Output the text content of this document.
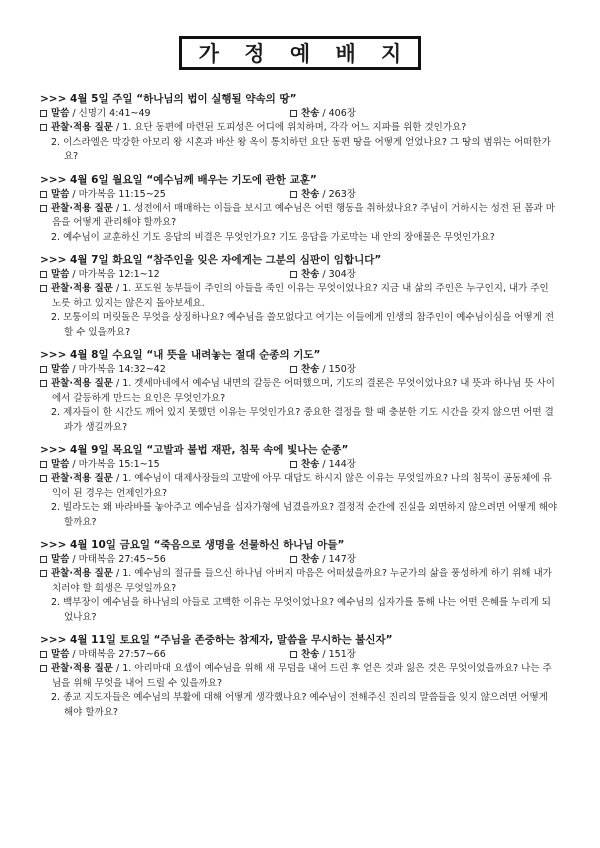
가 정 예 배 지
>>> 4월 5일 주일 “하나님의 법이 실행될 약속의 땅”
말씀 / 신명기 4:41~49	찬송 / 406장
관찰·적용 질문 / 1. 요단 동편에 마련된 도피성은 어디에 위치하며, 각각 어느 지파를 위한 것인가요?
2. 이스라엘은 막강한 아모리 왕 시혼과 바산 왕 옥이 통치하던 요단 동편 땅을 어떻게 얻었나요? 그 땅의 범위는 어떠한가요?
>>> 4월 6일 월요일 “예수님께 배우는 기도에 관한 교훈”
말씀 / 마가복음 11:15~25	찬송 / 263장
관찰·적용 질문 / 1. 성전에서 매매하는 이들을 보시고 예수님은 어떤 행동을 취하셨나요? 주님이 거하시는 성전 된 몸과 마음을 어떻게 관리해야 할까요?
2. 예수님이 교훈하신 기도 응답의 비결은 무엇인가요? 기도 응답을 가로막는 내 안의 장애물은 무엇인가요?
>>> 4월 7일 화요일 “참주인을 잊은 자에게는 그분의 심판이 임합니다”
말씀 / 마가복음 12:1~12	찬송 / 304장
관찰·적용 질문 / 1. 포도원 농부들이 주인의 아들을 죽인 이유는 무엇이었나요? 지금 내 삶의 주인은 누구인지, 내가 주인 노릇 하고 있지는 않은지 돌아보세요.
2. 모퉁이의 머릿돌은 무엇을 상징하나요? 예수님을 쓸모없다고 여기는 이들에게 인생의 참주인이 예수님이심을 어떻게 전할 수 있을까요?
>>> 4월 8일 수요일 “내 뜻을 내려놓는 절대 순종의 기도”
말씀 / 마가복음 14:32~42	찬송 / 150장
관찰·적용 질문 / 1. 겟세마네에서 예수님 내면의 갈등은 어떠했으며, 기도의 결론은 무엇이었나요? 내 뜻과 하나님 뜻 사이에서 갈등하게 만드는 요인은 무엇인가요?
2. 제자들이 한 시간도 깨어 있지 못했던 이유는 무엇인가요? 중요한 결정을 할 때 충분한 기도 시간을 갖지 않으면 어떤 결과가 생길까요?
>>> 4월 9일 목요일 “고발과 불법 재판, 침묵 속에 빛나는 순종”
말씀 / 마가복음 15:1~15	찬송 / 144장
관찰·적용 질문 / 1. 예수님이 대제사장들의 고발에 아무 대답도 하시지 않은 이유는 무엇일까요? 나의 침묵이 공동체에 유익이 된 경우는 언제인가요?
2. 빌라도는 왜 바라바를 놓아주고 예수님을 십자가형에 넘겼을까요? 결정적 순간에 진실을 외면하지 않으려면 어떻게 해야 할까요?
>>> 4월 10일 금요일 “죽음으로 생명을 선물하신 하나님 아들”
말씀 / 마태복음 27:45~56	찬송 / 147장
관찰·적용 질문 / 1. 예수님의 절규를 들으신 하나님 아버지 마음은 어떠셨을까요? 누군가의 삶을 풍성하게 하기 위해 내가 치러야 할 희생은 무엇일까요?
2. 백부장이 예수님을 하나님의 아들로 고백한 이유는 무엇이었나요? 예수님의 십자가를 통해 나는 어떤 은혜를 누리게 되었나요?
>>> 4월 11일 토요일 “주님을 존중하는 참제자, 말씀을 무시하는 불신자”
말씀 / 마태복음 27:57~66	찬송 / 151장
관찰·적용 질문 / 1. 아리마대 요셉이 예수님을 위해 새 무덤을 내어 드린 후 얻은 것과 잃은 것은 무엇이었을까요? 나는 주님을 위해 무엇을 내어 드릴 수 있을까요?
2. 종교 지도자들은 예수님의 부활에 대해 어떻게 생각했나요? 예수님이 전해주신 진리의 말씀들을 잊지 않으려면 어떻게 해야 할까요?
